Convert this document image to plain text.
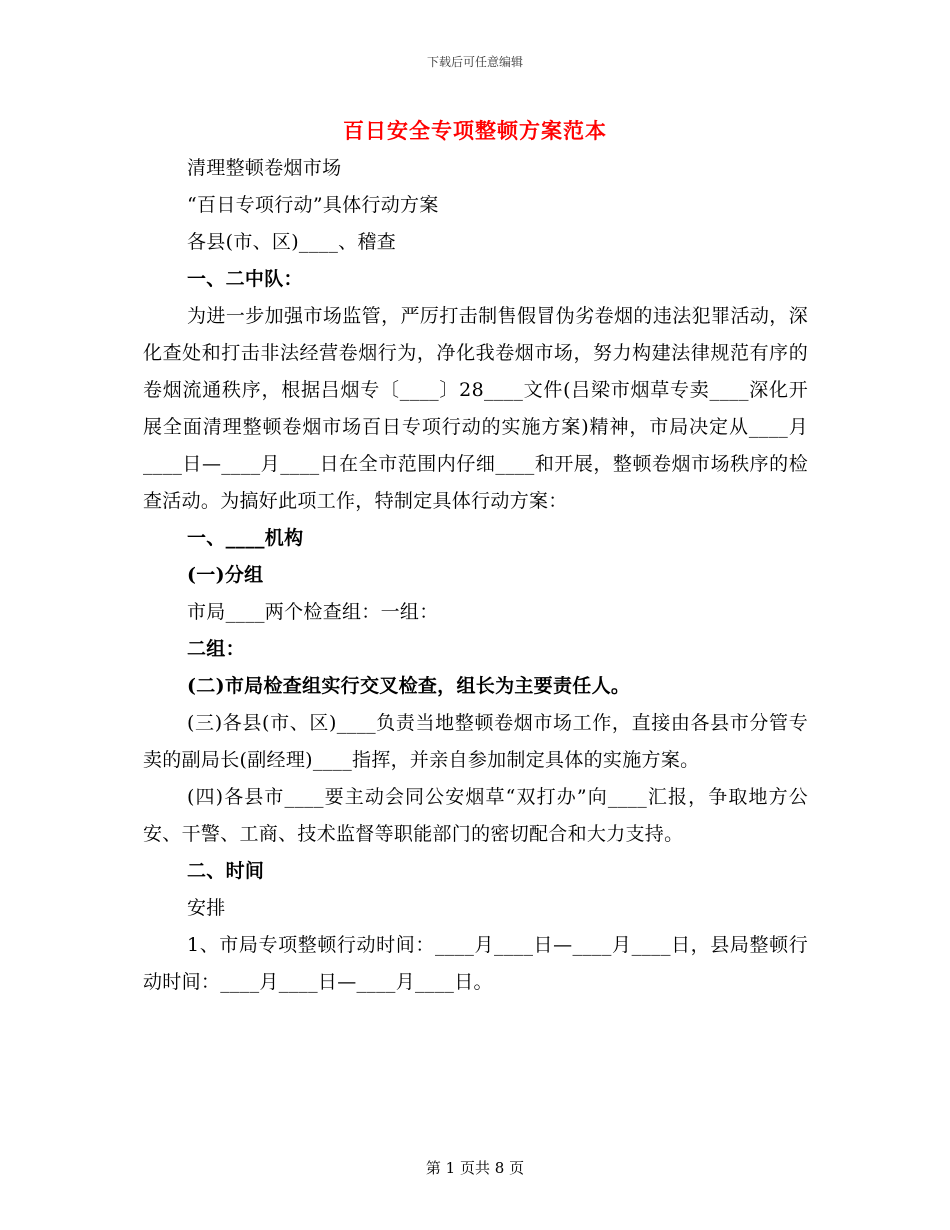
下载后可任意编辑
百日安全专项整顿方案范本

清理整顿卷烟市场

“百日专项行动”具体行动方案

各县(市、区)____、稽查

一、二中队：

为进一步加强市场监管，严厉打击制售假冒伪劣卷烟的违法犯罪活动，深化查处和打击非法经营卷烟行为，净化我卷烟市场，努力构建法律规范有序的卷烟流通秩序，根据吕烟专〔____〕28____文件(吕梁市烟草专卖____深化开展全面清理整顿卷烟市场百日专项行动的实施方案)精神，市局决定从____月____日—____月____日在全市范围内仔细____和开展，整顿卷烟市场秩序的检查活动。为搞好此项工作，特制定具体行动方案：

一、____机构

(一)分组

市局____两个检查组：一组：

二组：

(二)市局检查组实行交叉检查，组长为主要责任人。

(三)各县(市、区)____负责当地整顿卷烟市场工作，直接由各县市分管专卖的副局长(副经理)____指挥，并亲自参加制定具体的实施方案。

(四)各县市____要主动会同公安烟草“双打办”向____汇报，争取地方公安、干警、工商、技术监督等职能部门的密切配合和大力支持。

二、时间

安排

1、市局专项整顿行动时间：____月____日—____月____日，县局整顿行动时间：____月____日—____月____日。

第 1 页共 8 页
